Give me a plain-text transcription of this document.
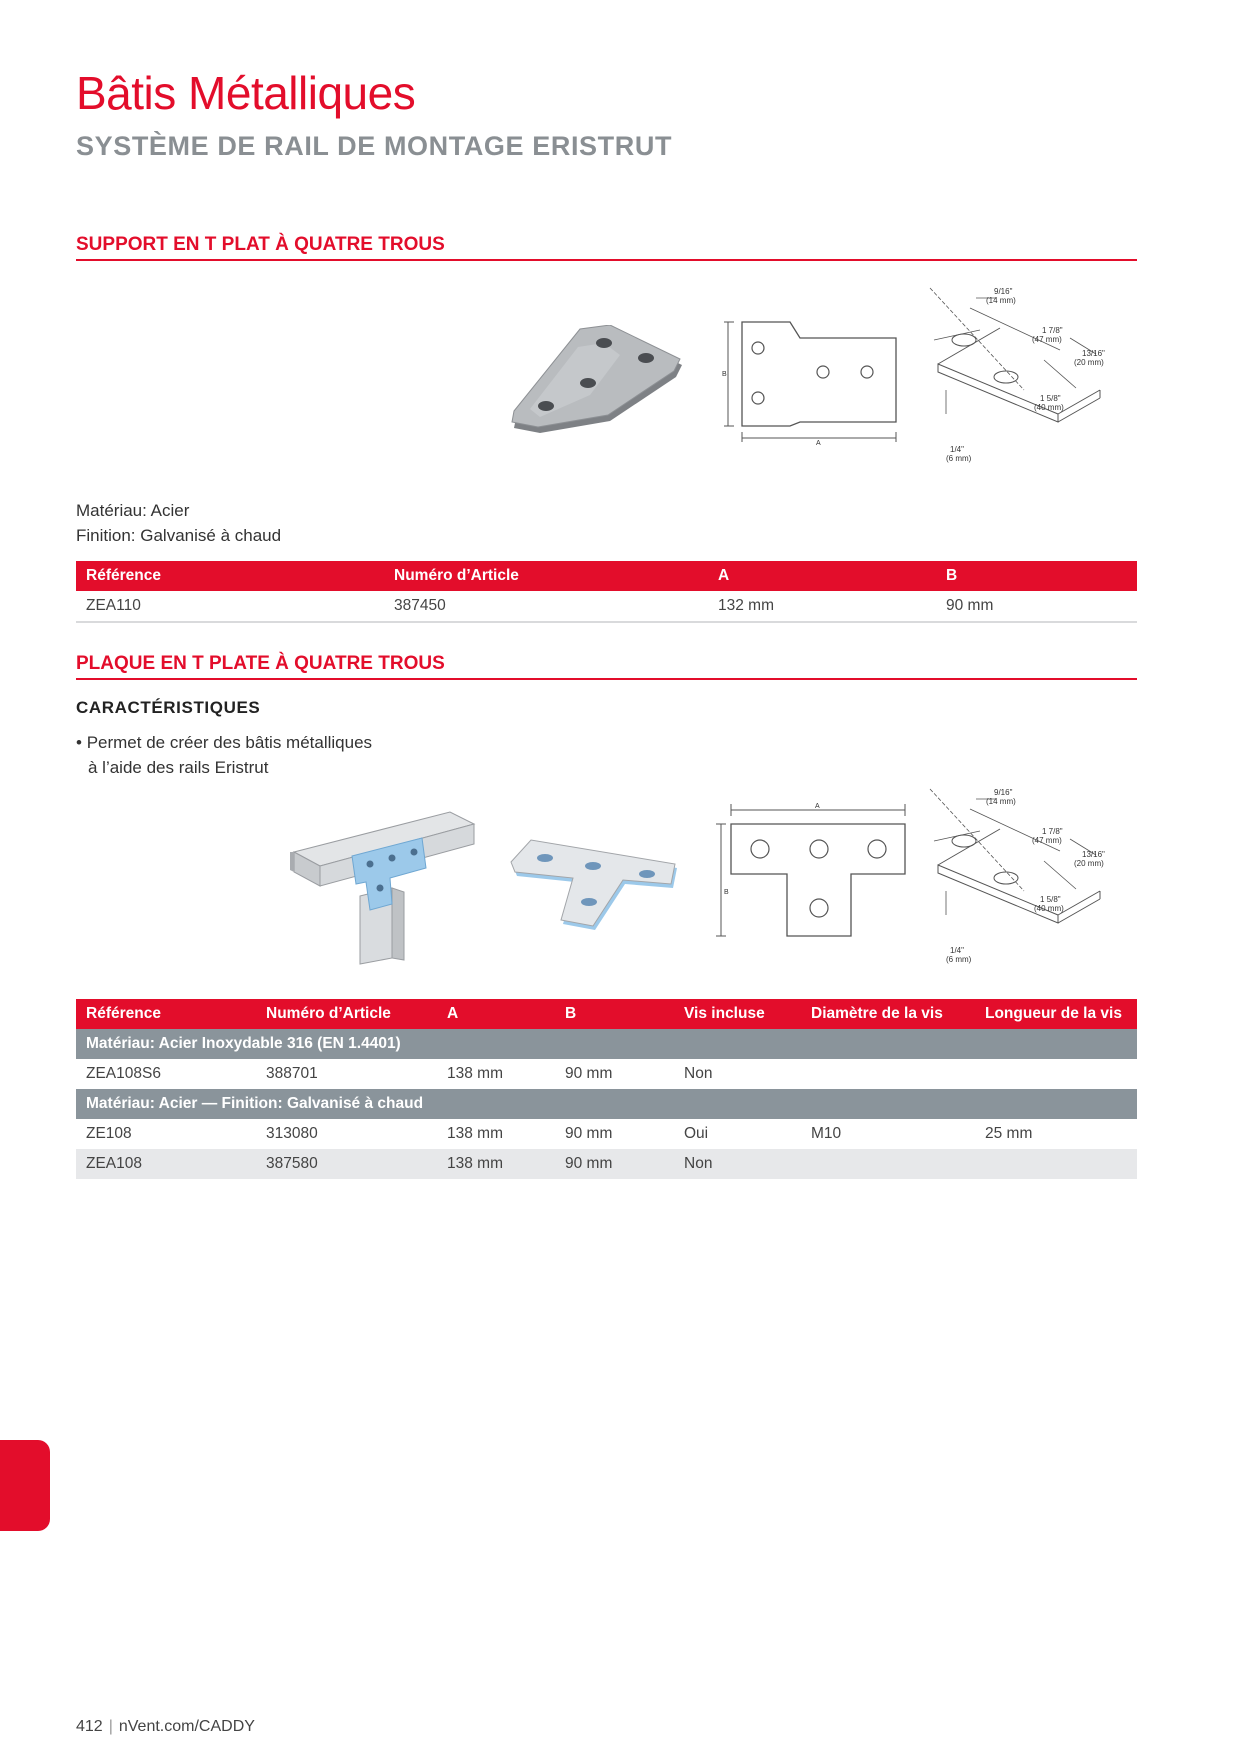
Bâtis Métalliques
SYSTÈME DE RAIL DE MONTAGE ERISTRUT
SUPPORT EN T PLAT À QUATRE TROUS
B
A
9/16"
(14 mm)
1 7/8"
(47 mm)
13/16"
(20 mm)
1 5/8"
(40 mm)
1/4"
(6 mm)
Matériau: Acier
Finition: Galvanisé à chaud
Référence	Numéro d’Article	A	B
ZEA110	387450	132 mm	90 mm
PLAQUE EN T PLATE À QUATRE TROUS
CARACTÉRISTIQUES
• Permet de créer des bâtis métalliques
à l’aide des rails Eristrut
A
B
9/16"
(14 mm)
1 7/8"
(47 mm)
13/16"
(20 mm)
1 5/8"
(40 mm)
1/4"
(6 mm)
Référence	Numéro d’Article	A	B	Vis incluse	Diamètre de la vis	Longueur de la vis
Matériau: Acier Inoxydable 316 (EN 1.4401)						
ZEA108S6	388701	138 mm	90 mm	Non		
Matériau: Acier — Finition: Galvanisé à chaud						
ZE108	313080	138 mm	90 mm	Oui	M10	25 mm
ZEA108	387580	138 mm	90 mm	Non		
412 | nVent.com/CADDY
